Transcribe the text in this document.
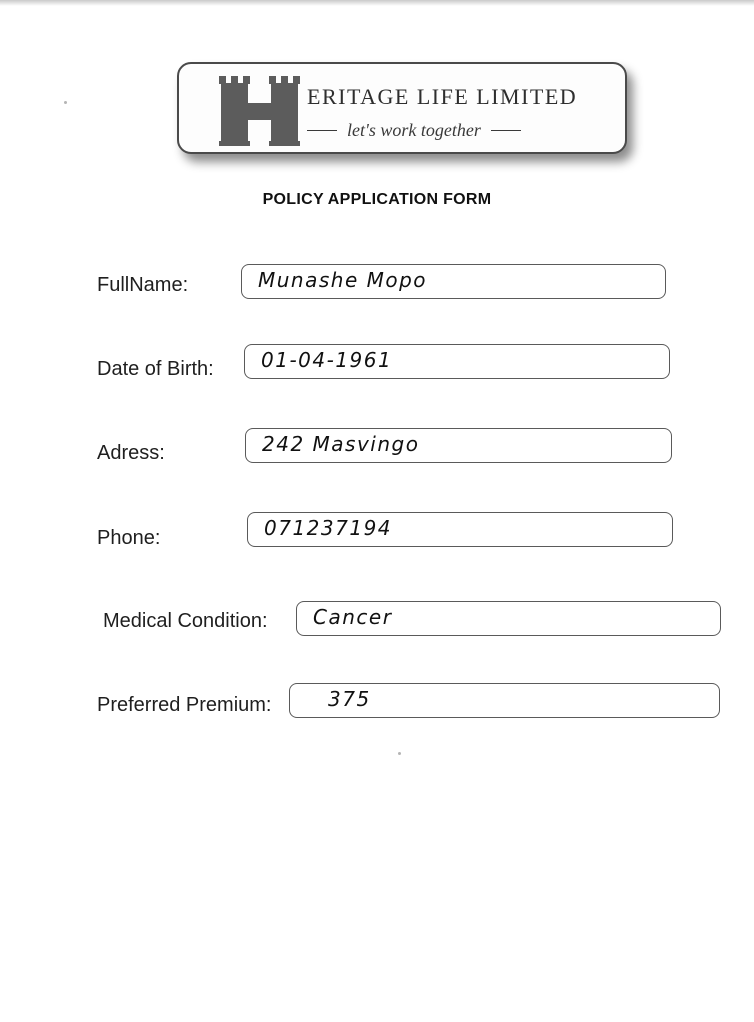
ERITAGE LIFE LIMITED
let's work together
POLICY APPLICATION FORM
FullName:	Munashe Mopo
Date of Birth: 01-04-1961
Adress:	242 Masvingo
Phone:	071237194
Medical Condition: Cancer
Preferred Premium:	375
